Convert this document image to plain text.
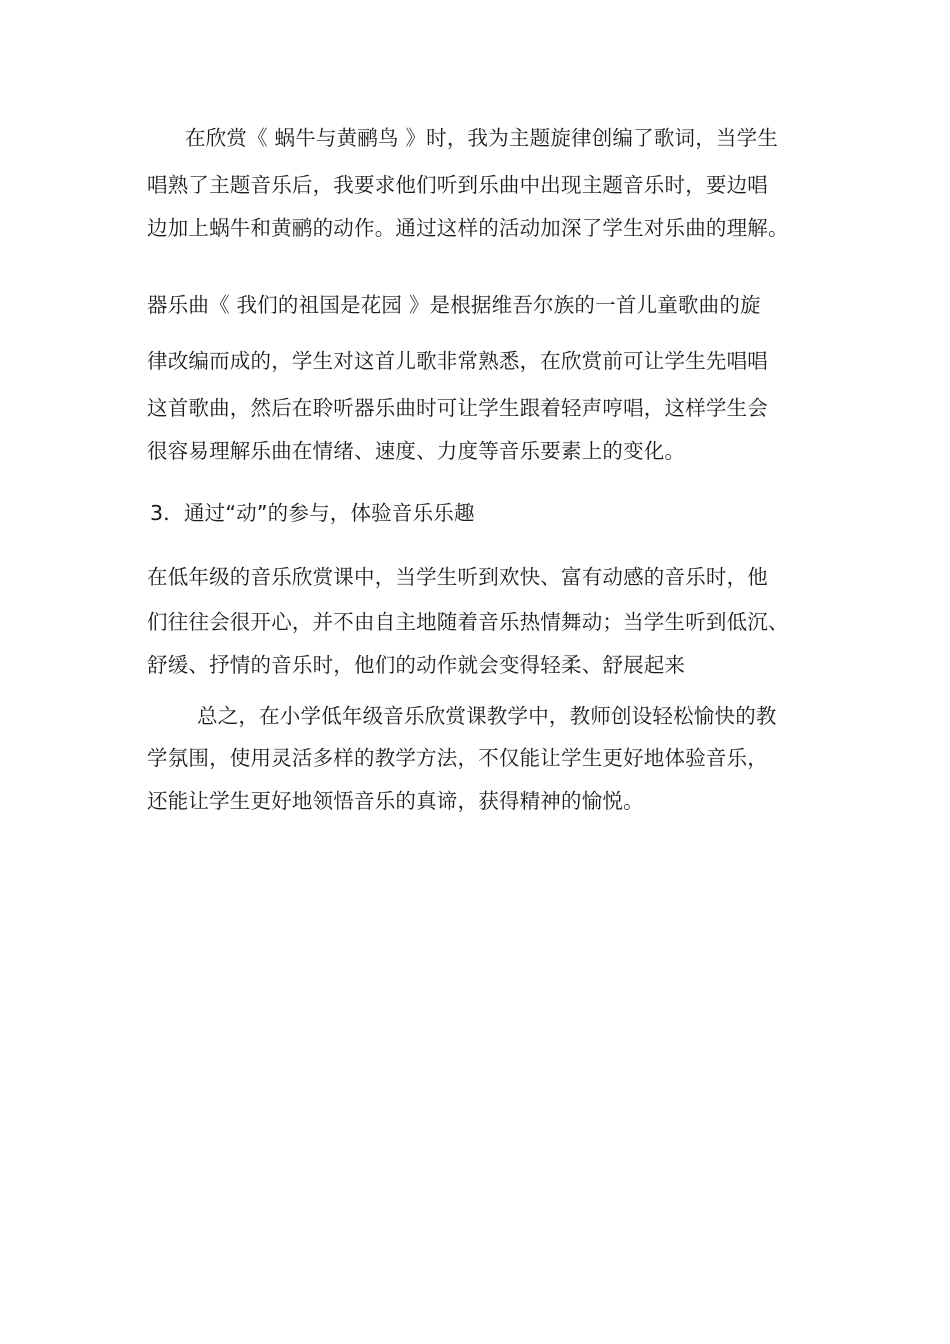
在欣赏《 蜗牛与黄鹂鸟 》时，我为主题旋律创编了歌词，当学生
唱熟了主题音乐后，我要求他们听到乐曲中出现主题音乐时，要边唱
边加上蜗牛和黄鹂的动作。通过这样的活动加深了学生对乐曲的理解。
器乐曲《 我们的祖国是花园 》是根据维吾尔族的一首儿童歌曲的旋
律改编而成的，学生对这首儿歌非常熟悉，在欣赏前可让学生先唱唱
这首歌曲，然后在聆听器乐曲时可让学生跟着轻声哼唱，这样学生会
很容易理解乐曲在情绪、速度、力度等音乐要素上的变化。
3．通过“动”的参与，体验音乐乐趣
在低年级的音乐欣赏课中，当学生听到欢快、富有动感的音乐时，他
们往往会很开心，并不由自主地随着音乐热情舞动；当学生听到低沉、
舒缓、抒情的音乐时，他们的动作就会变得轻柔、舒展起来
总之，在小学低年级音乐欣赏课教学中，教师创设轻松愉快的教
学氛围，使用灵活多样的教学方法，不仅能让学生更好地体验音乐，
还能让学生更好地领悟音乐的真谛，获得精神的愉悦。
